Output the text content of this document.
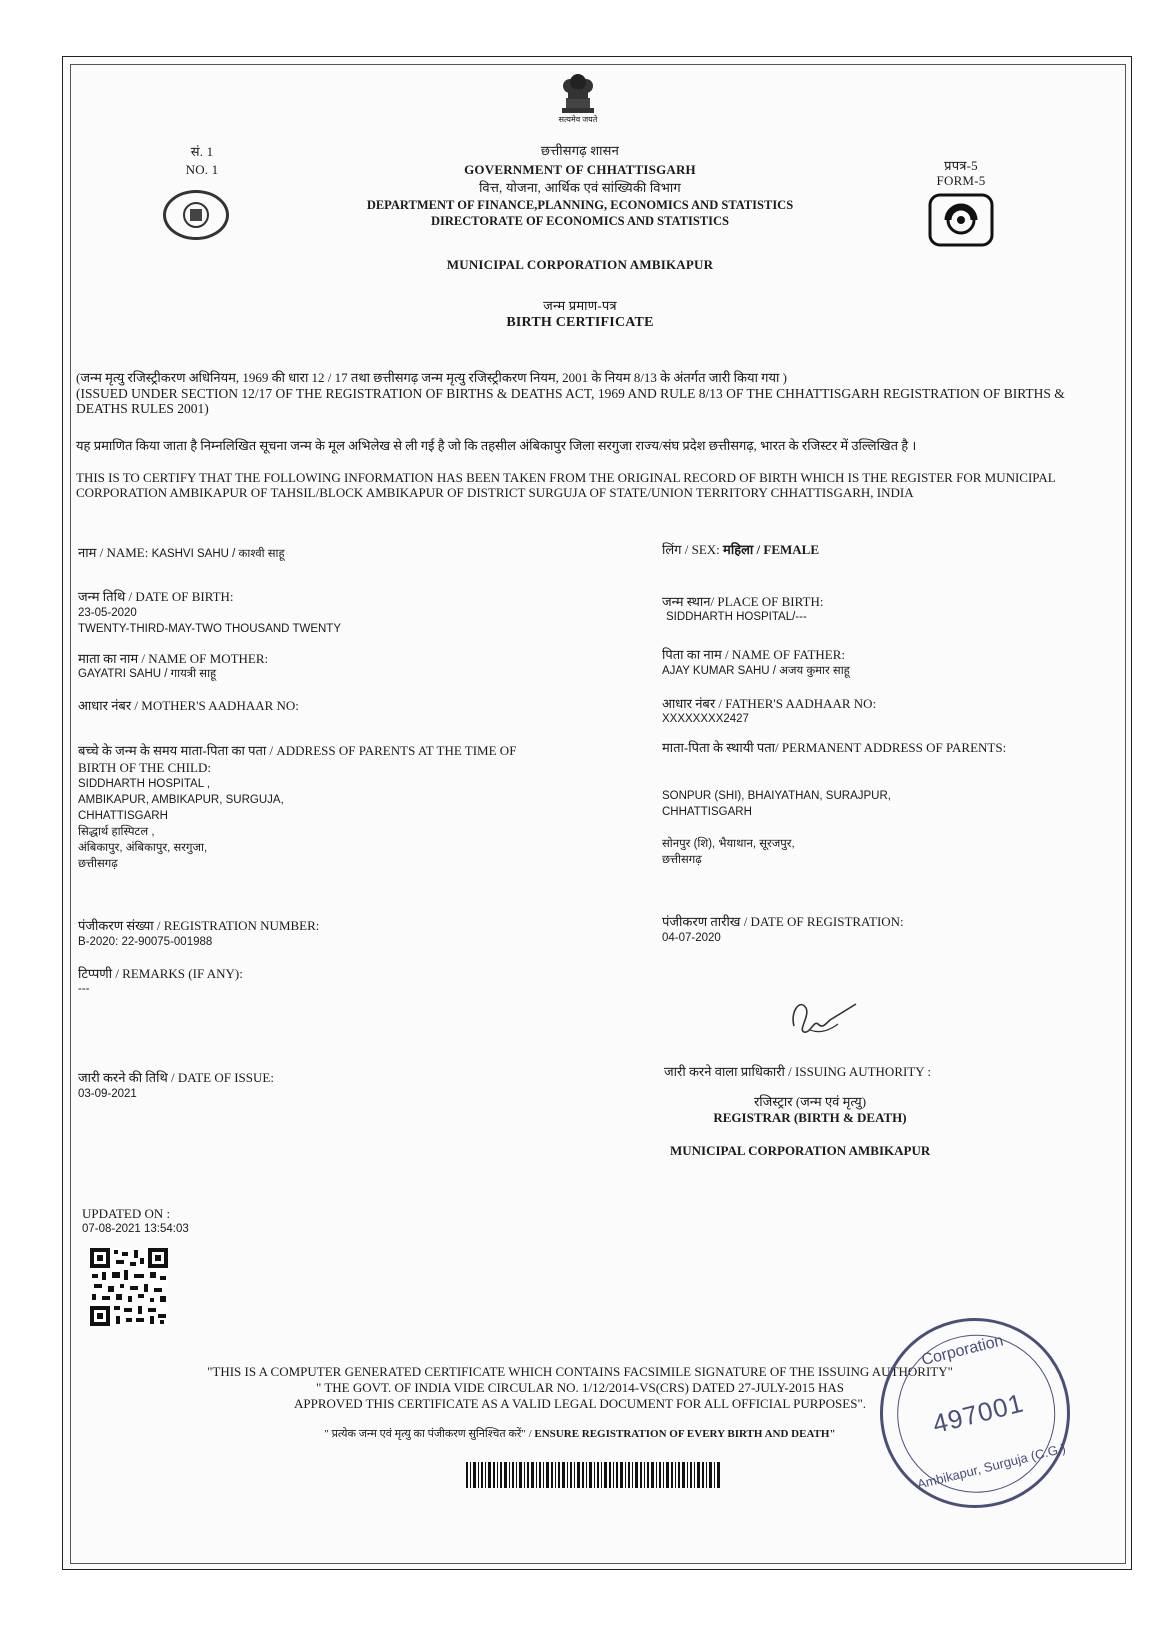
सत्यमेव जयते
सं. 1
NO. 1
छत्तीसगढ़ शासन
GOVERNMENT OF CHHATTISGARH
वित्त, योजना, आर्थिक एवं सांख्यिकी विभाग
DEPARTMENT OF FINANCE,PLANNING, ECONOMICS AND STATISTICS
DIRECTORATE OF ECONOMICS AND STATISTICS
प्रपत्र-5
FORM-5
MUNICIPAL CORPORATION AMBIKAPUR
जन्म प्रमाण-पत्र
BIRTH CERTIFICATE
(जन्म मृत्यु रजिस्ट्रीकरण अधिनियम, 1969 की धारा 12 / 17 तथा छत्तीसगढ़ जन्म मृत्यु रजिस्ट्रीकरण नियम, 2001 के नियम 8/13 के अंतर्गत जारी किया गया )
(ISSUED UNDER SECTION 12/17 OF THE REGISTRATION OF BIRTHS & DEATHS ACT, 1969 AND RULE 8/13 OF THE CHHATTISGARH REGISTRATION OF BIRTHS & DEATHS RULES 2001)
यह प्रमाणित किया जाता है निम्नलिखित सूचना जन्म के मूल अभिलेख से ली गई है जो कि तहसील अंबिकापुर जिला सरगुजा राज्य/संघ प्रदेश छत्तीसगढ़, भारत के रजिस्टर में उल्लिखित है ।
THIS IS TO CERTIFY THAT THE FOLLOWING INFORMATION HAS BEEN TAKEN FROM THE ORIGINAL RECORD OF BIRTH WHICH IS THE REGISTER FOR MUNICIPAL CORPORATION AMBIKAPUR OF TAHSIL/BLOCK AMBIKAPUR OF DISTRICT SURGUJA OF STATE/UNION TERRITORY CHHATTISGARH, INDIA
नाम / NAME: KASHVI SAHU / काश्वी साहू
जन्म तिथि / DATE OF BIRTH:
23-05-2020
TWENTY-THIRD-MAY-TWO THOUSAND TWENTY
माता का नाम / NAME OF MOTHER:
GAYATRI SAHU / गायत्री साहू
आधार नंबर / MOTHER'S AADHAAR NO:
बच्चे के जन्म के समय माता-पिता का पता / ADDRESS OF PARENTS AT THE TIME OF
BIRTH OF THE CHILD:
SIDDHARTH HOSPITAL ,
AMBIKAPUR, AMBIKAPUR, SURGUJA,
CHHATTISGARH
सिद्धार्थ हास्पिटल ,
अंबिकापुर, अंबिकापुर, सरगुजा,
छत्तीसगढ़
पंजीकरण संख्या / REGISTRATION NUMBER:
B-2020: 22-90075-001988
टिप्पणी / REMARKS (IF ANY):
---
जारी करने की तिथि / DATE OF ISSUE:
03-09-2021
UPDATED ON :
07-08-2021 13:54:03
लिंग / SEX: महिला / FEMALE
जन्म स्थान/ PLACE OF BIRTH:
SIDDHARTH HOSPITAL/---
पिता का नाम / NAME OF FATHER:
AJAY KUMAR SAHU / अजय कुमार साहू
आधार नंबर / FATHER'S AADHAAR NO:
XXXXXXXX2427
माता-पिता के स्थायी पता/ PERMANENT ADDRESS OF PARENTS:
SONPUR (SHI), BHAIYATHAN, SURAJPUR,
CHHATTISGARH
सोनपुर (शि), भैयाथान, सूरजपुर,
छत्तीसगढ़
पंजीकरण तारीख / DATE OF REGISTRATION:
04-07-2020
जारी करने वाला प्राधिकारी / ISSUING AUTHORITY :
रजिस्ट्रार (जन्म एवं मृत्यु)
REGISTRAR (BIRTH & DEATH)
MUNICIPAL CORPORATION AMBIKAPUR
"THIS IS A COMPUTER GENERATED CERTIFICATE WHICH CONTAINS FACSIMILE SIGNATURE OF THE ISSUING AUTHORITY"
" THE GOVT. OF INDIA VIDE CIRCULAR NO. 1/12/2014-VS(CRS) DATED 27-JULY-2015 HAS
APPROVED THIS CERTIFICATE AS A VALID LEGAL DOCUMENT FOR ALL OFFICIAL PURPOSES".
" प्रत्येक जन्म एवं मृत्यु का पंजीकरण सुनिश्चित करें" / ENSURE REGISTRATION OF EVERY BIRTH AND DEATH"
Corporation
497001
Ambikapur, Surguja (C.G.)
